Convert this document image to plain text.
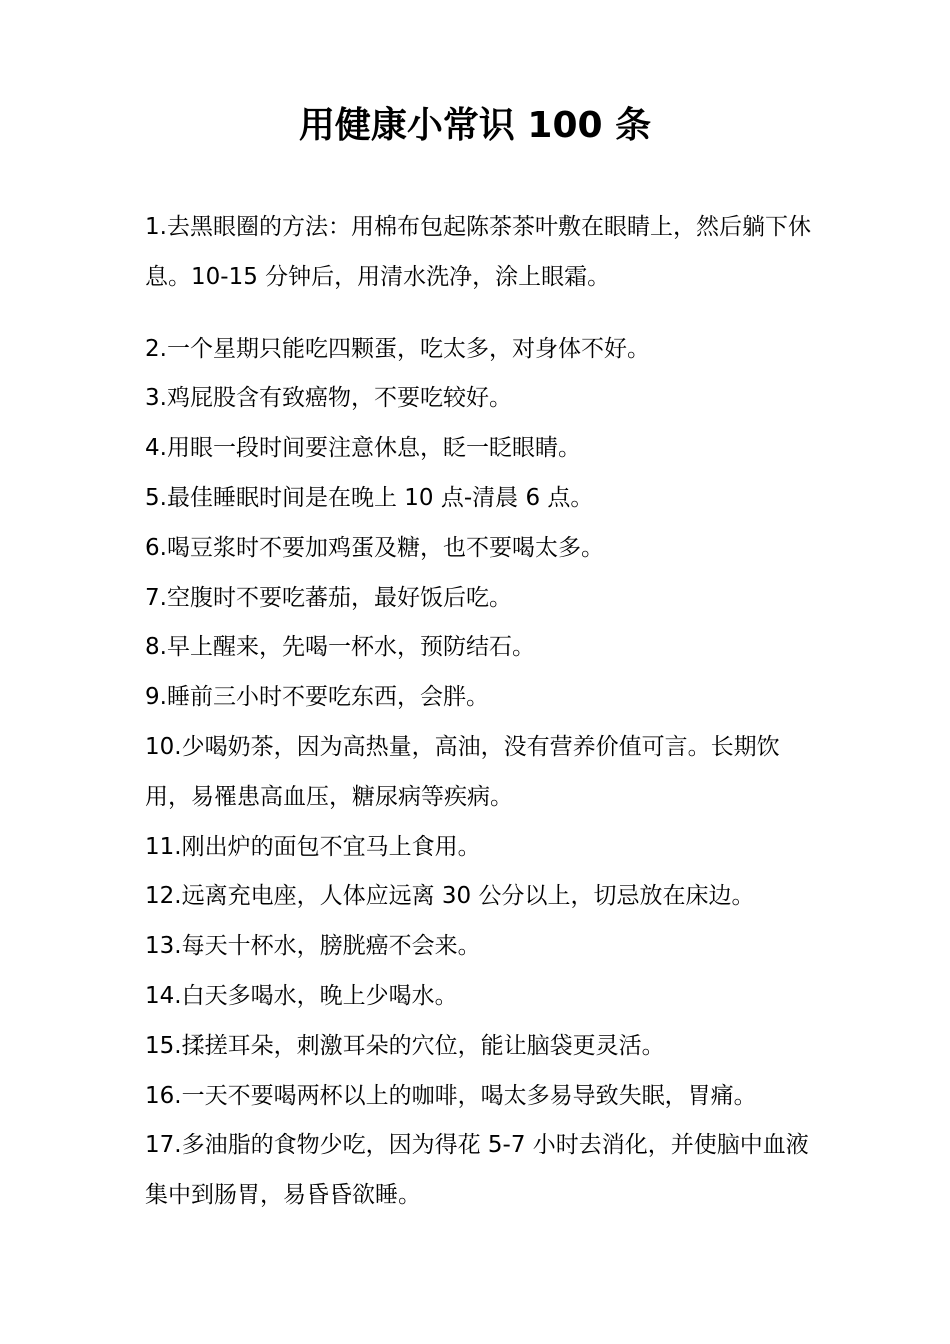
用健康小常识 100 条

1.去黑眼圈的方法：用棉布包起陈茶茶叶敷在眼睛上，然后躺下休息。10-15 分钟后，用清水洗净，涂上眼霜。

2.一个星期只能吃四颗蛋，吃太多，对身体不好。

3.鸡屁股含有致癌物，不要吃较好。

4.用眼一段时间要注意休息，眨一眨眼睛。

5.最佳睡眠时间是在晚上 10 点-清晨 6 点。

6.喝豆浆时不要加鸡蛋及糖，也不要喝太多。

7.空腹时不要吃蕃茄，最好饭后吃。

8.早上醒来，先喝一杯水，预防结石。

9.睡前三小时不要吃东西，会胖。

10.少喝奶茶，因为高热量，高油，没有营养价值可言。长期饮用，易罹患高血压，糖尿病等疾病。

11.刚出炉的面包不宜马上食用。

12.远离充电座，人体应远离 30 公分以上，切忌放在床边。

13.每天十杯水，膀胱癌不会来。

14.白天多喝水，晚上少喝水。

15.揉搓耳朵，刺激耳朵的穴位，能让脑袋更灵活。

16.一天不要喝两杯以上的咖啡，喝太多易导致失眠，胃痛。

17.多油脂的食物少吃，因为得花 5-7 小时去消化，并使脑中血液集中到肠胃，易昏昏欲睡。
